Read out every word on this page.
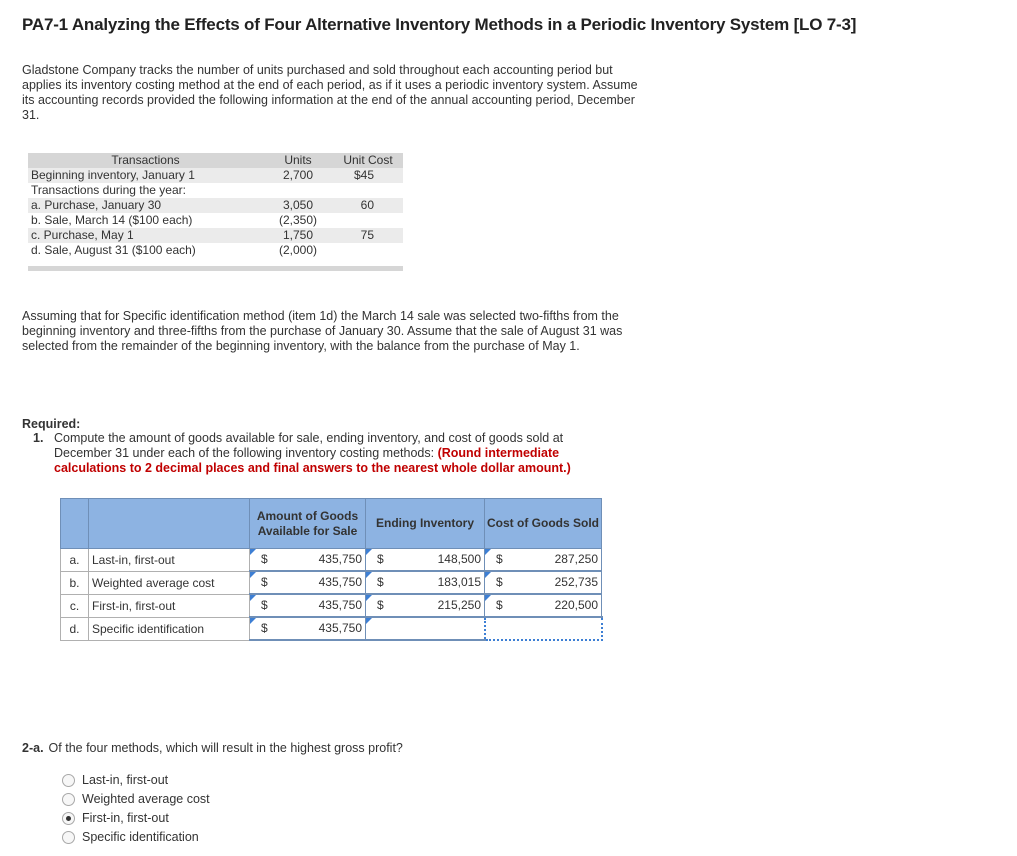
PA7-1 Analyzing the Effects of Four Alternative Inventory Methods in a Periodic Inventory System [LO 7-3]
Gladstone Company tracks the number of units purchased and sold throughout each accounting period but applies its inventory costing method at the end of each period, as if it uses a periodic inventory system. Assume its accounting records provided the following information at the end of the annual accounting period, December 31.
Transactions	Units	Unit Cost
Beginning inventory, January 1	2,700	$45
Transactions during the year:
a. Purchase, January 30	3,050	60
b. Sale, March 14 ($100 each)	(2,350)
c. Purchase, May 1	1,750	75
d. Sale, August 31 ($100 each)	(2,000)
Assuming that for Specific identification method (item 1d) the March 14 sale was selected two-fifths from the beginning inventory and three-fifths from the purchase of January 30. Assume that the sale of August 31 was selected from the remainder of the beginning inventory, with the balance from the purchase of May 1.
Required:
1. Compute the amount of goods available for sale, ending inventory, and cost of goods sold at December 31 under each of the following inventory costing methods: (Round intermediate calculations to 2 decimal places and final answers to the nearest whole dollar amount.)
		Amount of Goods Available for Sale	Ending Inventory	Cost of Goods Sold
a.	Last-in, first-out	$ 435,750	$ 148,500	$ 287,250

b.	Weighted average cost	$ 435,750	$ 183,015	$ 252,735

c.	First-in, first-out	$ 435,750	$ 215,250	$ 220,500

d.	Specific identification	$ 435,750		

2-a. Of the four methods, which will result in the highest gross profit?
Last-in, first-out
Weighted average cost
First-in, first-out
Specific identification
